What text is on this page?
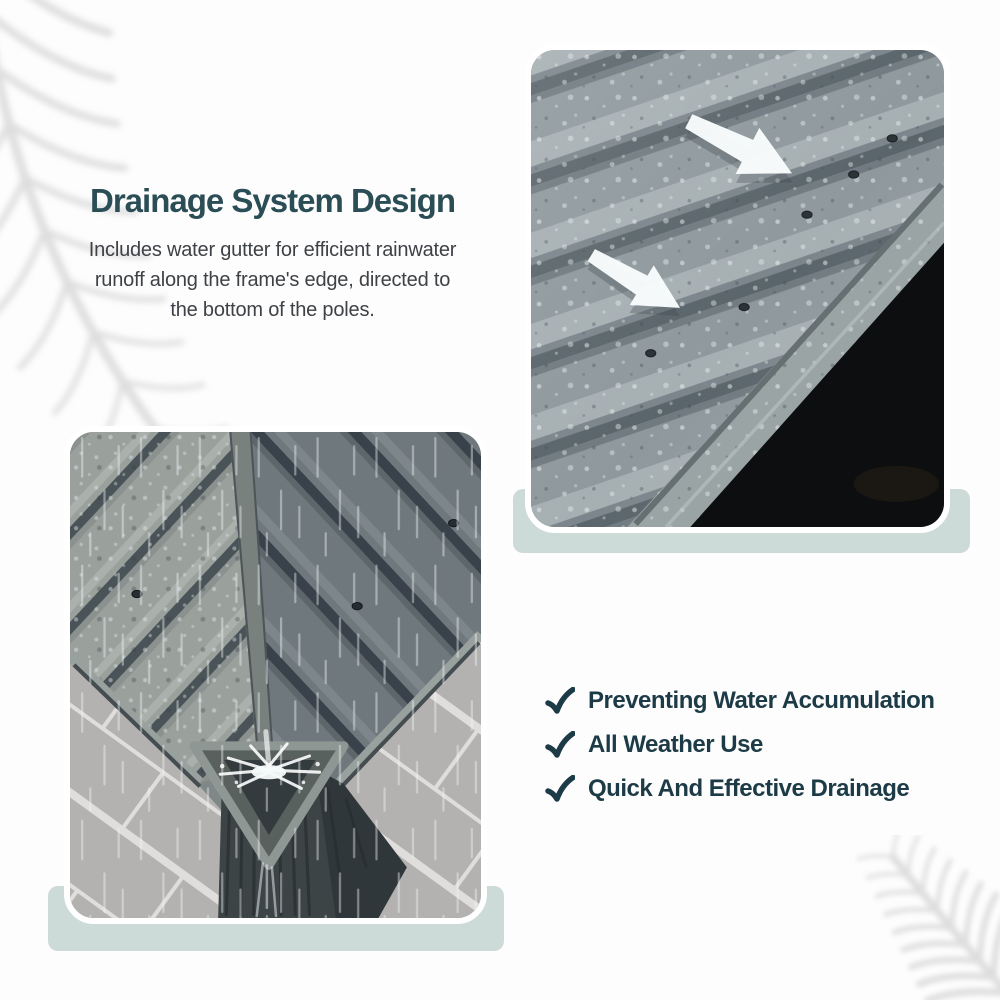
Drainage System Design

Includes water gutter for efficient rainwater
runoff along the frame's edge, directed to
the bottom of the poles.

Preventing Water Accumulation
All Weather Use
Quick And Effective Drainage
